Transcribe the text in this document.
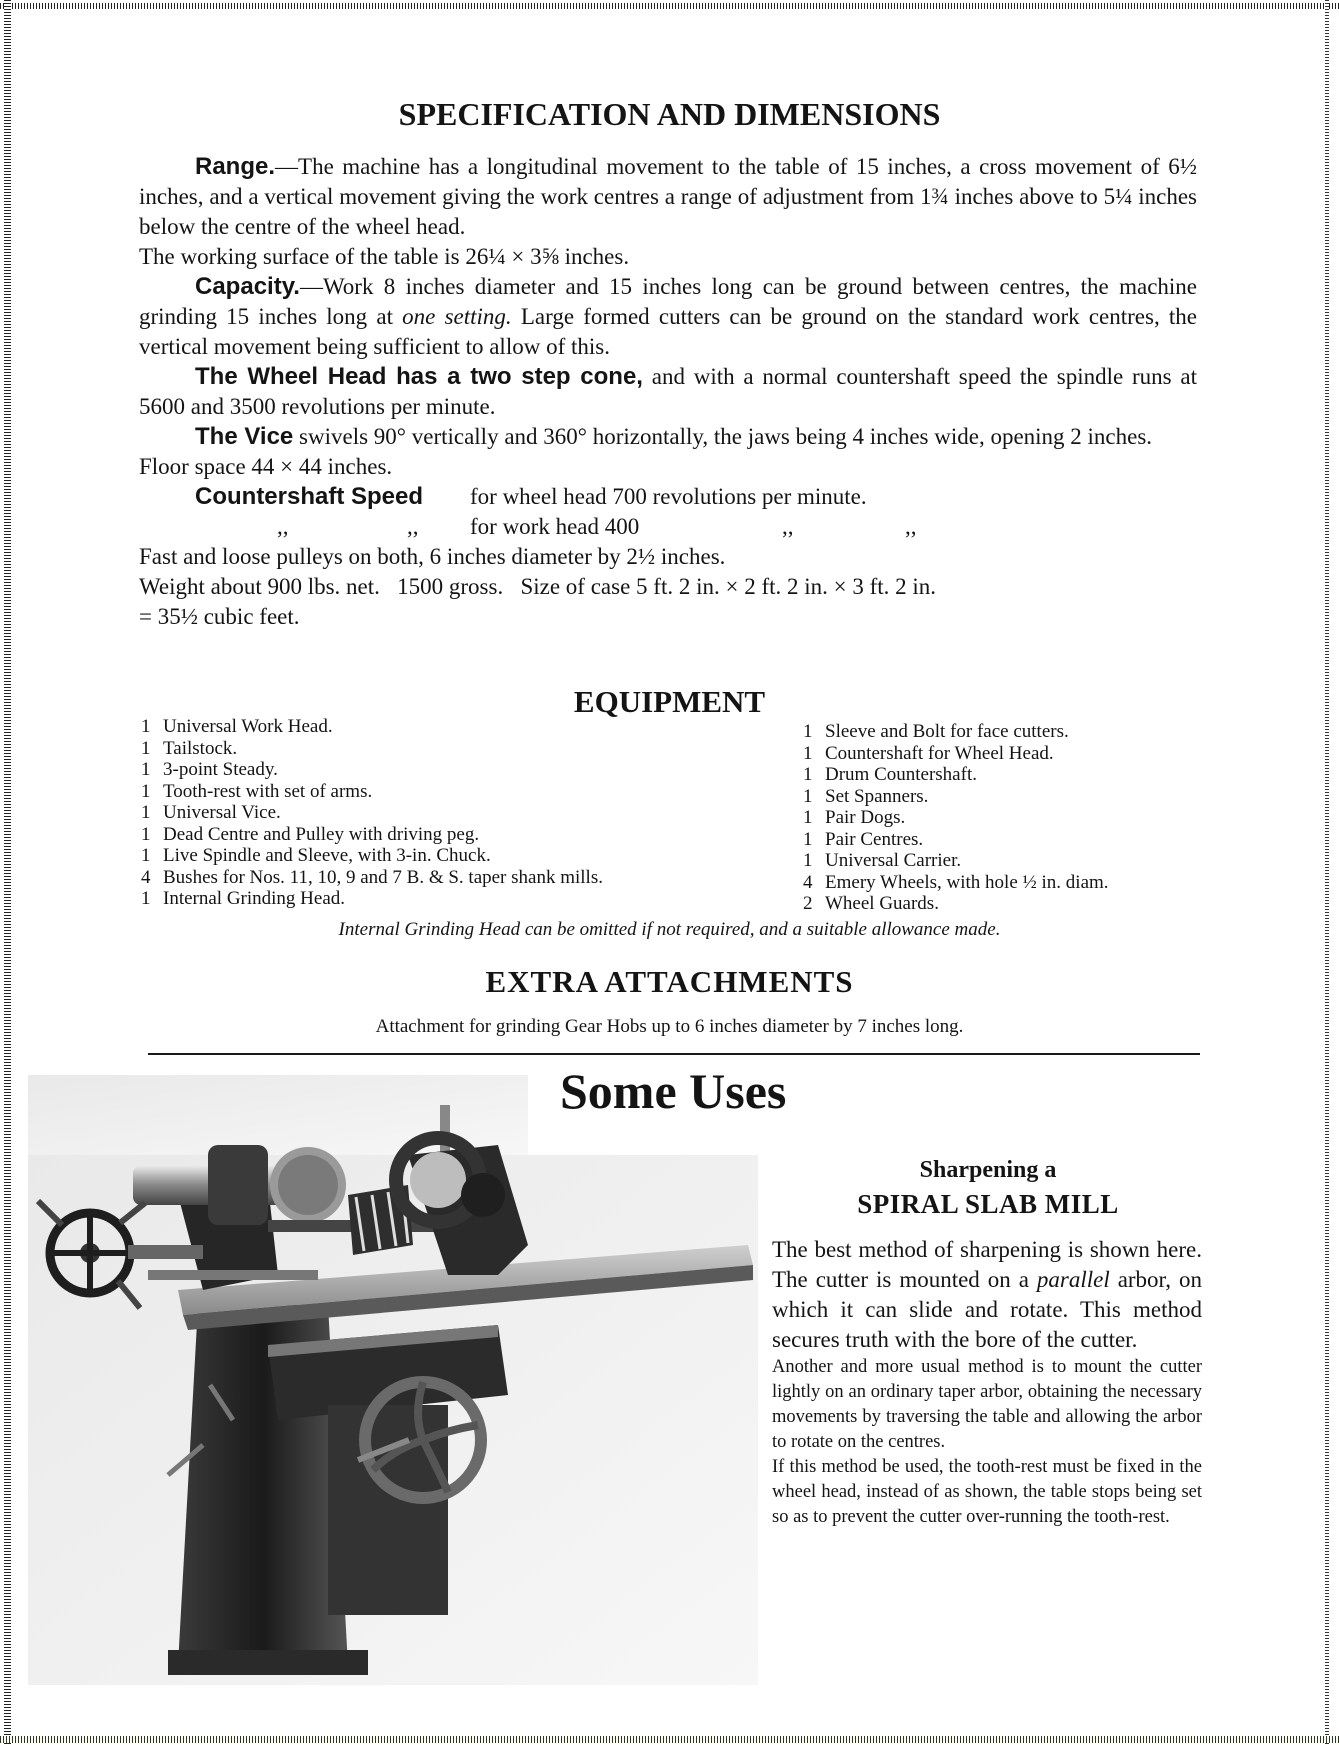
SPECIFICATION AND DIMENSIONS

Range.—The machine has a longitudinal movement to the table of 15 inches, a cross movement of 6½ inches, and a vertical movement giving the work centres a range of adjustment from 1¾ inches above to 5¼ inches below the centre of the wheel head.

The working surface of the table is 26¼ × 3⅝ inches.

Capacity.—Work 8 inches diameter and 15 inches long can be ground between centres, the machine grinding 15 inches long at one setting. Large formed cutters can be ground on the standard work centres, the vertical movement being sufficient to allow of this.

The Wheel Head has a two step cone, and with a normal countershaft speed the spindle runs at 5600 and 3500 revolutions per minute.

The Vice swivels 90° vertically and 360° horizontally, the jaws being 4 inches wide, opening 2 inches.

Floor space 44 × 44 inches.

Countershaft Speed for wheel head 700 revolutions per minute.
,,	,, for work head 400	,,	,,

Fast and loose pulleys on both, 6 inches diameter by 2½ inches.

Weight about 900 lbs. net.   1500 gross.   Size of case 5 ft. 2 in. × 2 ft. 2 in. × 3 ft. 2 in.

= 35½ cubic feet.

EQUIPMENT
1 Universal Work Head.
1 Tailstock.
1 3-point Steady.
1 Tooth-rest with set of arms.
1 Universal Vice.
1 Dead Centre and Pulley with driving peg.
1 Live Spindle and Sleeve, with 3-in. Chuck.
4 Bushes for Nos. 11, 10, 9 and 7 B. & S. taper shank mills.
1 Internal Grinding Head.
1 Sleeve and Bolt for face cutters.
1 Countershaft for Wheel Head.
1 Drum Countershaft.
1 Set Spanners.
1 Pair Dogs.
1 Pair Centres.
1 Universal Carrier.
4 Emery Wheels, with hole ½ in. diam.
2 Wheel Guards.
Internal Grinding Head can be omitted if not required, and a suitable allowance made.
EXTRA ATTACHMENTS
Attachment for grinding Gear Hobs up to 6 inches diameter by 7 inches long.
Some Uses
Sharpening a
SPIRAL SLAB MILL

The best method of sharpening is shown here. The cutter is mounted on a parallel arbor, on which it can slide and rotate. This method secures truth with the bore of the cutter.

Another and more usual method is to mount the cutter lightly on an ordinary taper arbor, obtaining the necessary movements by traversing the table and allowing the arbor to rotate on the centres.

If this method be used, the tooth-rest must be fixed in the wheel head, instead of as shown, the table stops being set so as to prevent the cutter over-running the tooth-rest.
